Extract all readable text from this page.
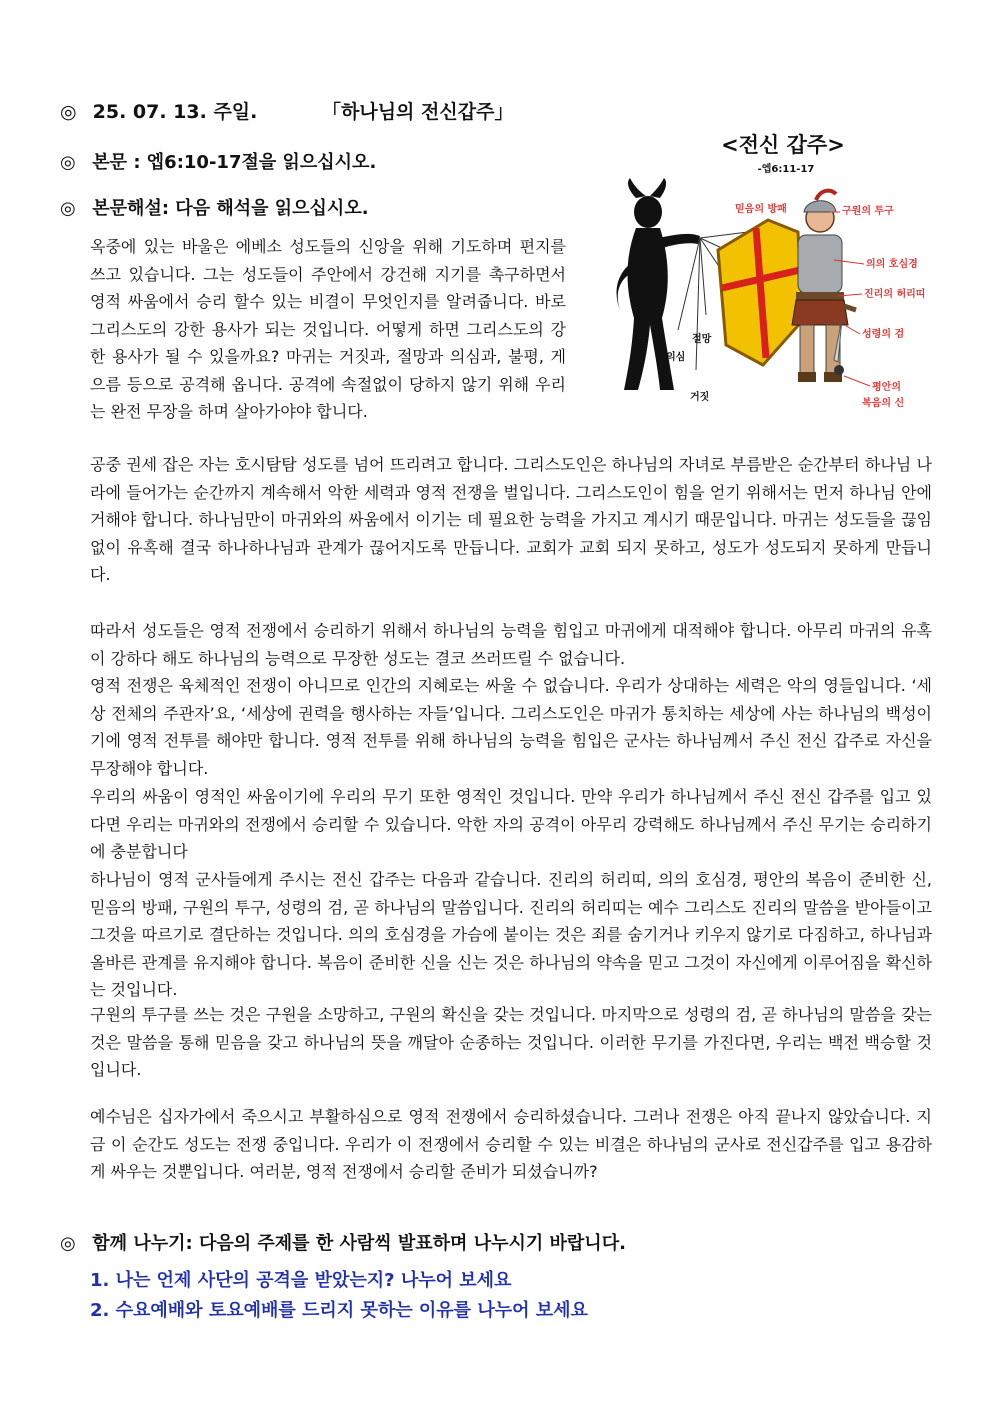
◎ 25. 07. 13. 주일.	「하나님의 전신갑주」
◎ 본문 : 엡6:10-17절을 읽으십시오.
◎ 본문해설: 다음 해석을 읽으십시오.
옥중에 있는 바울은 에베소 성도들의 신앙을 위해 기도하며 편지를 쓰고 있습니다. 그는 성도들이 주안에서 강건해 지기를 촉구하면서 영적 싸움에서 승리 할수 있는 비결이 무엇인지를 알려줍니다. 바로 그리스도의 강한 용사가 되는 것입니다. 어떻게 하면 그리스도의 강한 용사가 될 수 있을까요? 마귀는 거짓과, 절망과 의심과, 불평, 게으름 등으로 공격해 옵니다. 공격에 속절없이 당하지 않기 위해 우리는 완전 무장을 하며 살아가야야 합니다.
<전신 갑주>
-엡6:11-17
믿음의 방패	구원의 투구
의의 호심경
진리의 허리띠
성령의 검
평안의
복음의 신
절망
의심
거짓
공중 권세 잡은 자는 호시탐탐 성도를 넘어 뜨리려고 합니다. 그리스도인은 하나님의 자녀로 부름받은 순간부터 하나님 나라에 들어가는 순간까지 계속해서 악한 세력과 영적 전쟁을 벌입니다. 그리스도인이 힘을 얻기 위해서는 먼저 하나님 안에 거해야 합니다. 하나님만이 마귀와의 싸움에서 이기는 데 필요한 능력을 가지고 계시기 때문입니다. 마귀는 성도들을 끊임없이 유혹해 결국 하나하나님과 관계가 끊어지도록 만듭니다. 교회가 교회 되지 못하고, 성도가 성도되지 못하게 만듭니다.
따라서 성도들은 영적 전쟁에서 승리하기 위해서 하나님의 능력을 힘입고 마귀에게 대적해야 합니다. 아무리 마귀의 유혹이 강하다 해도 하나님의 능력으로 무장한 성도는 결코 쓰러뜨릴 수 없습니다.
영적 전쟁은 육체적인 전쟁이 아니므로 인간의 지혜로는 싸울 수 없습니다. 우리가 상대하는 세력은 악의 영들입니다. ‘세상 전체의 주관자’요, ‘세상에 권력을 행사하는 자들’입니다. 그리스도인은 마귀가 통치하는 세상에 사는 하나님의 백성이기에 영적 전투를 해야만 합니다. 영적 전투를 위해 하나님의 능력을 힘입은 군사는 하나님께서 주신 전신 갑주로 자신을 무장해야 합니다.
우리의 싸움이 영적인 싸움이기에 우리의 무기 또한 영적인 것입니다. 만약 우리가 하나님께서 주신 전신 갑주를 입고 있다면 우리는 마귀와의 전쟁에서 승리할 수 있습니다. 악한 자의 공격이 아무리 강력해도 하나님께서 주신 무기는 승리하기에 충분합니다
하나님이 영적 군사들에게 주시는 전신 갑주는 다음과 같습니다. 진리의 허리띠, 의의 호심경, 평안의 복음이 준비한 신, 믿음의 방패, 구원의 투구, 성령의 검, 곧 하나님의 말씀입니다. 진리의 허리띠는 예수 그리스도 진리의 말씀을 받아들이고 그것을 따르기로 결단하는 것입니다. 의의 호심경을 가슴에 붙이는 것은 죄를 숨기거나 키우지 않기로 다짐하고, 하나님과 올바른 관계를 유지해야 합니다. 복음이 준비한 신을 신는 것은 하나님의 약속을 믿고 그것이 자신에게 이루어짐을 확신하는 것입니다.
구원의 투구를 쓰는 것은 구원을 소망하고, 구원의 확신을 갖는 것입니다. 마지막으로 성령의 검, 곧 하나님의 말씀을 갖는 것은 말씀을 통해 믿음을 갖고 하나님의 뜻을 깨달아 순종하는 것입니다. 이러한 무기를 가진다면, 우리는 백전 백승할 것입니다.
예수님은 십자가에서 죽으시고 부활하심으로 영적 전쟁에서 승리하셨습니다. 그러나 전쟁은 아직 끝나지 않았습니다. 지금 이 순간도 성도는 전쟁 중입니다. 우리가 이 전쟁에서 승리할 수 있는 비결은 하나님의 군사로 전신갑주를 입고 용감하게 싸우는 것뿐입니다. 여러분, 영적 전쟁에서 승리할 준비가 되셨습니까?
◎ 함께 나누기: 다음의 주제를 한 사람씩 발표하며 나누시기 바랍니다.
1. 나는 언제 사단의 공격을 받았는지? 나누어 보세요
2. 수요예배와 토요예배를 드리지 못하는 이유를 나누어 보세요
